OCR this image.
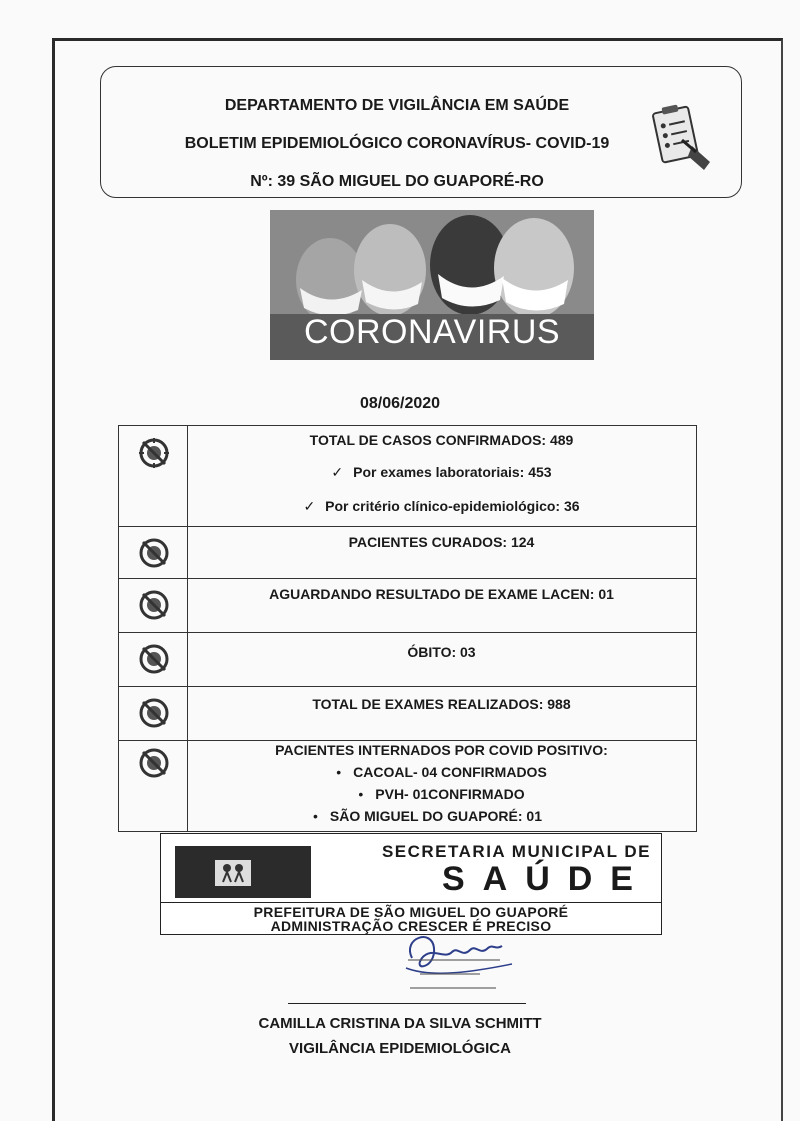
DEPARTAMENTO DE VIGILÂNCIA EM SAÚDE
BOLETIM EPIDEMIOLÓGICO CORONAVÍRUS- COVID-19
Nº: 39 SÃO MIGUEL DO GUAPORÉ-RO
CORONAVIRUS
08/06/2020
TOTAL DE CASOS CONFIRMADOS: 489
✓ Por exames laboratoriais: 453
✓ Por critério clínico-epidemiológico: 36
PACIENTES CURADOS: 124
AGUARDANDO RESULTADO DE EXAME LACEN: 01
ÓBITO: 03
TOTAL DE EXAMES REALIZADOS: 988
PACIENTES INTERNADOS POR COVID POSITIVO:
• CACOAL- 04 CONFIRMADOS
• PVH- 01CONFIRMADO
• SÃO MIGUEL DO GUAPORÉ: 01
SECRETARIA MUNICIPAL DE
SAÚDE
PREFEITURA DE SÃO MIGUEL DO GUAPORÉ
ADMINISTRAÇÃO CRESCER É PRECISO
CAMILLA CRISTINA DA SILVA SCHMITT
VIGILÂNCIA EPIDEMIOLÓGICA
